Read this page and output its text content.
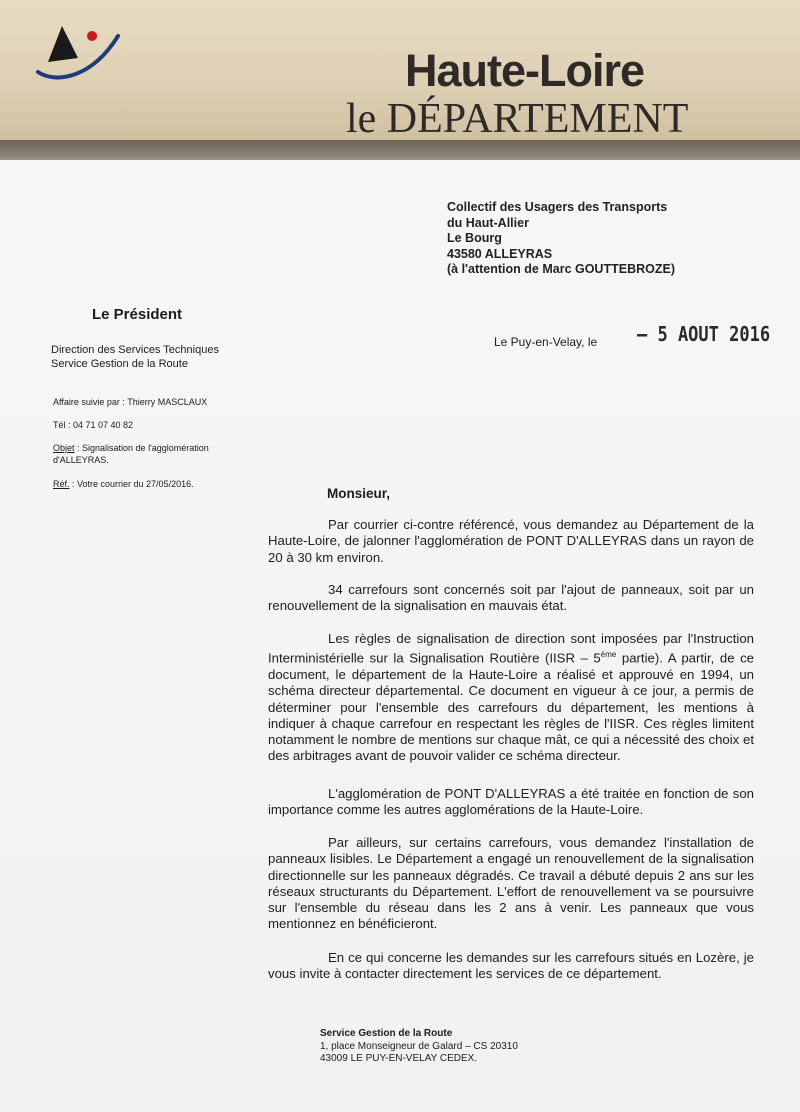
Haute-Loire
le DÉPARTEMENT
Collectif des Usagers des Transports
du Haut-Allier
Le Bourg
43580 ALLEYRAS
(à l'attention de Marc GOUTTEBROZE)
Le Président
Direction des Services Techniques
Service Gestion de la Route
Affaire suivie par : Thierry MASCLAUX
Tél : 04 71 07 40 82
Objet : Signalisation de l'agglomération
d'ALLEYRAS.
Réf. : Votre courrier du 27/05/2016.
Le Puy-en-Velay, le – 5 AOUT 2016
Monsieur,

Par courrier ci-contre référencé, vous demandez au Département de la Haute-Loire, de jalonner l'agglomération de PONT D'ALLEYRAS dans un rayon de 20 à 30 km environ.

34 carrefours sont concernés soit par l'ajout de panneaux, soit par un renouvellement de la signalisation en mauvais état.

Les règles de signalisation de direction sont imposées par l'Instruction Interministérielle sur la Signalisation Routière (IISR – 5ème partie). A partir, de ce document, le département de la Haute-Loire a réalisé et approuvé en 1994, un schéma directeur départemental. Ce document en vigueur à ce jour, a permis de déterminer pour l'ensemble des carrefours du département, les mentions à indiquer à chaque carrefour en respectant les règles de l'IISR. Ces règles limitent notamment le nombre de mentions sur chaque mât, ce qui a nécessité des choix et des arbitrages avant de pouvoir valider ce schéma directeur.

L'agglomération de PONT D'ALLEYRAS a été traitée en fonction de son importance comme les autres agglomérations de la Haute-Loire.

Par ailleurs, sur certains carrefours, vous demandez l'installation de panneaux lisibles. Le Département a engagé un renouvellement de la signalisation directionnelle sur les panneaux dégradés. Ce travail a débuté depuis 2 ans sur les réseaux structurants du Département. L'effort de renouvellement va se poursuivre sur l'ensemble du réseau dans les 2 ans à venir. Les panneaux que vous mentionnez en bénéficieront.

En ce qui concerne les demandes sur les carrefours situés en Lozère, je vous invite à contacter directement les services de ce département.

Service Gestion de la Route
1, place Monseigneur de Galard – CS 20310
43009 LE PUY-EN-VELAY CEDEX.
